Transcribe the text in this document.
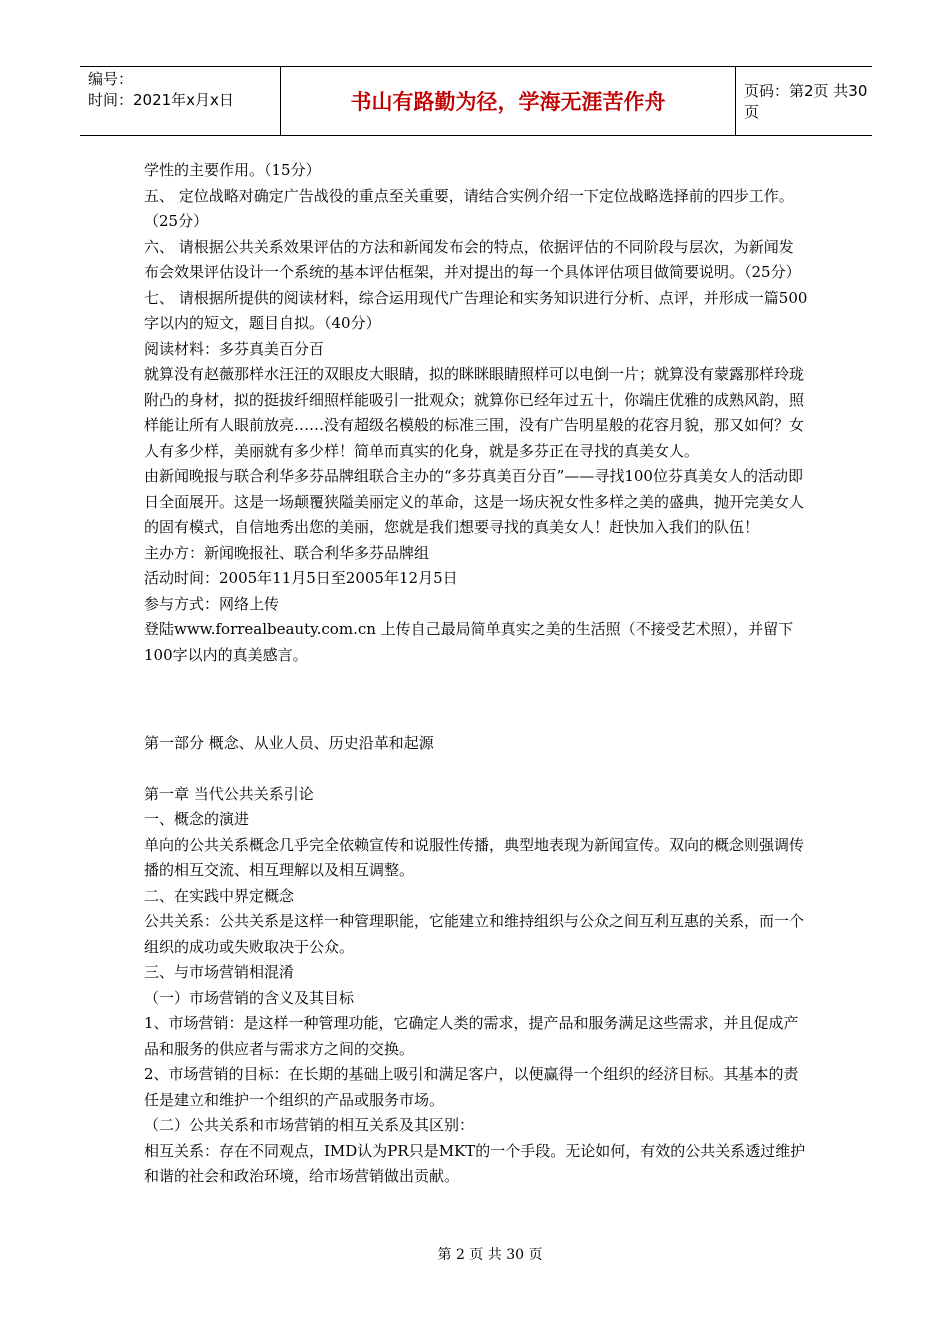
编号：
时间：2021年x月x日	书山有路勤为径，学海无涯苦作舟	页码：第2页 共30页

学性的主要作用。（15分）

五、 定位战略对确定广告战役的重点至关重要，请结合实例介绍一下定位战略选择前的四步工作。（25分）

六、 请根据公共关系效果评估的方法和新闻发布会的特点，依据评估的不同阶段与层次，为新闻发布会效果评估设计一个系统的基本评估框架，并对提出的每一个具体评估项目做简要说明。（25分）

七、 请根据所提供的阅读材料，综合运用现代广告理论和实务知识进行分析、点评，并形成一篇500字以内的短文，题目自拟。（40分）

阅读材料：多芬真美百分百

就算没有赵薇那样水汪汪的双眼皮大眼睛，拟的眯眯眼睛照样可以电倒一片；就算没有蒙露那样玲珑附凸的身材，拟的挺拔纤细照样能吸引一批观众；就算你已经年过五十，你端庄优雅的成熟风韵，照样能让所有人眼前放亮……没有超级名模般的标准三围，没有广告明星般的花容月貌，那又如何？女人有多少样，美丽就有多少样！简单而真实的化身，就是多芬正在寻找的真美女人。

由新闻晚报与联合利华多芬品牌组联合主办的“多芬真美百分百”——寻找100位芬真美女人的活动即日全面展开。这是一场颠覆狭隘美丽定义的革命，这是一场庆祝女性多样之美的盛典，抛开完美女人的固有模式，自信地秀出您的美丽，您就是我们想要寻找的真美女人！赶快加入我们的队伍！

主办方：新闻晚报社、联合利华多芬品牌组

活动时间：2005年11月5日至2005年12月5日

参与方式：网络上传

登陆www.forrealbeauty.com.cn 上传自己最局简单真实之美的生活照（不接受艺术照），并留下100字以内的真美感言。

第一部分 概念、从业人员、历史沿革和起源

第一章 当代公共关系引论

一、概念的演进

单向的公共关系概念几乎完全依赖宣传和说服性传播，典型地表现为新闻宣传。双向的概念则强调传播的相互交流、相互理解以及相互调整。

二、在实践中界定概念

公共关系：公共关系是这样一种管理职能，它能建立和维持组织与公众之间互利互惠的关系，而一个组织的成功或失败取决于公众。

三、与市场营销相混淆

（一）市场营销的含义及其目标

1、市场营销：是这样一种管理功能，它确定人类的需求，提产品和服务满足这些需求，并且促成产品和服务的供应者与需求方之间的交换。

2、市场营销的目标：在长期的基础上吸引和满足客户，以便赢得一个组织的经济目标。其基本的责任是建立和维护一个组织的产品或服务市场。

（二）公共关系和市场营销的相互关系及其区别：

相互关系：存在不同观点，IMD认为PR只是MKT的一个手段。无论如何，有效的公共关系透过维护和谐的社会和政治环境，给市场营销做出贡献。

第 2 页 共 30 页
